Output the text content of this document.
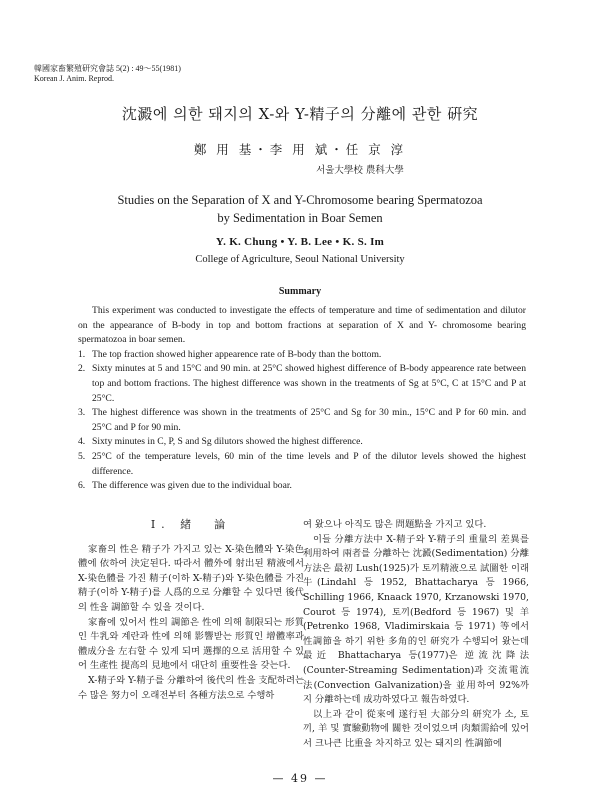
韓國家畜繁殖研究會誌 5(2) : 49～55(1981)
Korean J. Anim. Reprod.
沈澱에 의한 돼지의 X-와 Y-精子의 分離에 관한 硏究
鄭 用 基・李 用 斌・任 京 淳
서울大學校 農科大學
Studies on the Separation of X and Y-Chromosome bearing Spermatozoa
by Sedimentation in Boar Semen
Y. K. Chung • Y. B. Lee • K. S. Im
College of Agriculture, Seoul National University
Summary

This experiment was conducted to investigate the effects of temperature and time of sedimentation and dilutor on the appearance of B-body in top and bottom fractions at separation of X and Y- chromosome bearing spermatozoa in boar semen.

1. The top fraction showed higher appearence rate of B-body than the bottom.
2. Sixty minutes at 5 and 15°C and 90 min. at 25°C showed highest difference of B-body appearence rate between top and bottom fractions. The highest difference was shown in the treatments of Sg at 5°C, C at 15°C and P at 25°C.
3. The highest difference was shown in the treatments of 25°C and Sg for 30 min., 15°C and P for 60 min. and 25°C and P for 90 min.
4. Sixty minutes in C, P, S and Sg dilutors showed the highest difference.
5. 25°C of the temperature levels, 60 min of the time levels and P of the dilutor levels showed the highest difference.
6. The difference was given due to the individual boar.
I. 緒　論

家畜의 性은 精子가 가지고 있는 X-染色體와 Y-染色體에 依하여 決定된다. 따라서 體外에 射出된 精液에서 X-染色體를 가진 精子(이하 X-精子)와 Y-染色體를 가진 精子(이하 Y-精子)를 人爲的으로 分離할 수 있다면 後代의 性을 調節할 수 있을 것이다.

家畜에 있어서 性의 調節은 性에 의해 制限되는 形質인 牛乳와 계란과 性에 의해 影響받는 形質인 增體率과 體成分을 左右할 수 있게 되며 選擇的으로 活用할 수 있어 生產性 提高의 見地에서 대단히 重要性을 갖는다.

X-精子와 Y-精子를 分離하여 後代의 性을 支配하려는 수 많은 努力이 오래전부터 各種方法으로 수행하

여 왔으나 아직도 많은 問題點을 가지고 있다.

이들 分離方法中 X-精子와 Y-精子의 重量의 差異를 利用하여 兩者를 分離하는 沈澱(Sedimentation) 分離方法은 最初 Lush(1925)가 토끼精液으로 試圖한 이래 牛(Lindahl 등 1952, Bhattacharya 등 1966, Schilling 1966, Knaack 1970, Krzanowski 1970, Courot 등 1974), 토끼(Bedford 등 1967) 및 羊(Petrenko 1968, Vladimirskaia 등 1971) 等에서 性調節을 하기 위한 多角的인 研究가 수행되어 왔는데 最近 Bhattacharya 등(1977)은 逆流沈降法(Counter-Streaming Sedimentation)과 交流電流法(Convection Galvanization)을 並用하여 92%까지 分離하는데 成功하였다고 報告하였다.

以上과 같이 從來에 遂行된 大部分의 研究가 소, 토끼, 羊 및 實驗動物에 關한 것이었으며 肉類需給에 있어서 크나큰 比重을 차지하고 있는 돼지의 性調節에

— 49 —
